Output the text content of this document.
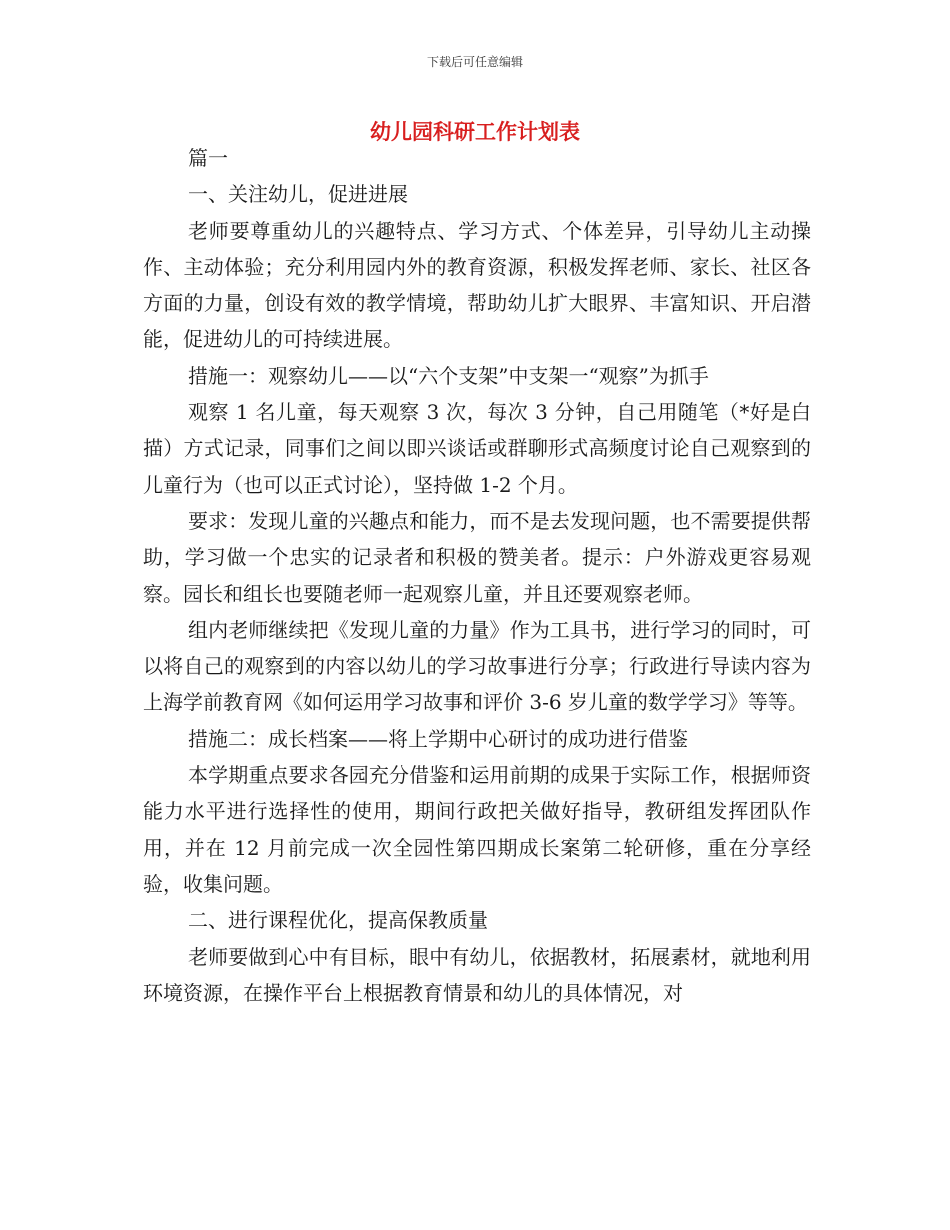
下载后可任意编辑
幼儿园科研工作计划表

篇一

一、关注幼儿，促进进展

老师要尊重幼儿的兴趣特点、学习方式、个体差异，引导幼儿主动操作、主动体验；充分利用园内外的教育资源，积极发挥老师、家长、社区各方面的力量，创设有效的教学情境，帮助幼儿扩大眼界、丰富知识、开启潜能，促进幼儿的可持续进展。

措施一：观察幼儿——以“六个支架”中支架一“观察”为抓手

观察 1 名儿童，每天观察 3 次，每次 3 分钟，自己用随笔（*好是白描）方式记录，同事们之间以即兴谈话或群聊形式高频度讨论自己观察到的儿童行为（也可以正式讨论），坚持做 1-2 个月。

要求：发现儿童的兴趣点和能力，而不是去发现问题，也不需要提供帮助，学习做一个忠实的记录者和积极的赞美者。提示：户外游戏更容易观察。园长和组长也要随老师一起观察儿童，并且还要观察老师。

组内老师继续把《发现儿童的力量》作为工具书，进行学习的同时，可以将自己的观察到的内容以幼儿的学习故事进行分享；行政进行导读内容为上海学前教育网《如何运用学习故事和评价 3-6 岁儿童的数学学习》等等。

措施二：成长档案——将上学期中心研讨的成功进行借鉴

本学期重点要求各园充分借鉴和运用前期的成果于实际工作，根据师资能力水平进行选择性的使用，期间行政把关做好指导，教研组发挥团队作用，并在 12 月前完成一次全园性第四期成长案第二轮研修，重在分享经验，收集问题。

二、进行课程优化，提高保教质量

老师要做到心中有目标，眼中有幼儿，依据教材，拓展素材，就地利用环境资源，在操作平台上根据教育情景和幼儿的具体情况，对
